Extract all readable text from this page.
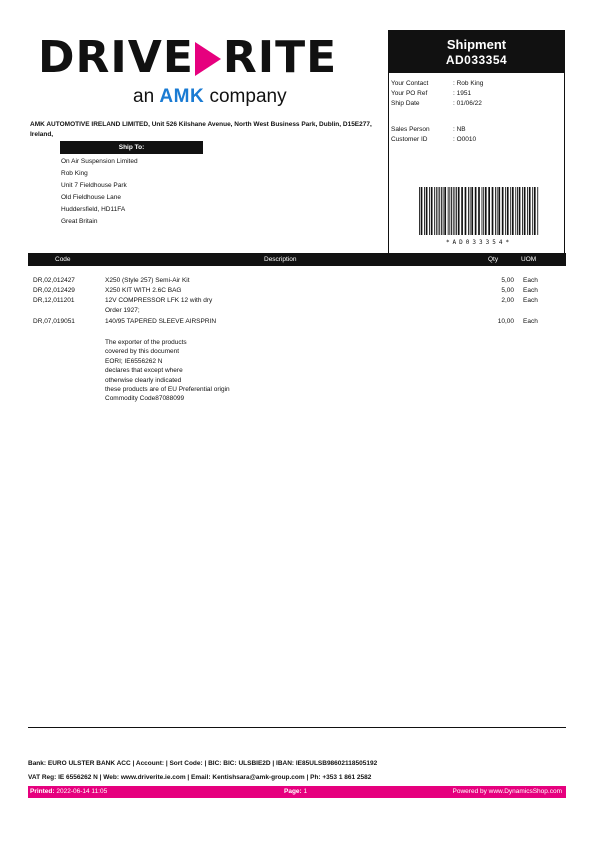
DRIVE RITE
an AMK company
Shipment
AD033354
Your Contact	: Rob King
Your PO Ref	: 1951
Ship Date	: 01/06/22
Sales Person	: NB
Customer ID	: O0010
*AD033354*
AMK AUTOMOTIVE IRELAND LIMITED, Unit 526 Kilshane Avenue, North West Business Park, Dublin, D15E277, Ireland,
Ship To:
On Air Suspension Limited
Rob King
Unit 7 Fieldhouse Park
Old Fieldhouse Lane
Huddersfield, HD11FA
Great Britain
Code	Description	Qty	UOM
DR,02,012427	X250 (Style 257) Semi-Air Kit	5,00 Each
DR,02,012429	X250 KIT WITH 2.6C BAG	5,00 Each
DR,12,011201	12V COMPRESSOR LFK 12 with dry	2,00 Each
Order 1927;
DR,07,019051	140/95 TAPERED SLEEVE AIRSPRIN	10,00 Each
The exporter of the products
covered by this document
EORI; IE6556262 N
declares that except where
otherwise clearly indicated
these products are of EU Preferential origin
Commodity Code87088099
Bank: EURO ULSTER BANK ACC | Account: | Sort Code: | BIC: BIC: ULSBIE2D | IBAN: IE85ULSB98602118505192
VAT Reg: IE 6556262 N | Web: www.driverite.ie.com | Email: Kentishsara@amk-group.com | Ph: +353 1 861 2582
Printed: 2022-06-14 11:05	Page: 1	Powered by www.DynamicsShop.com
